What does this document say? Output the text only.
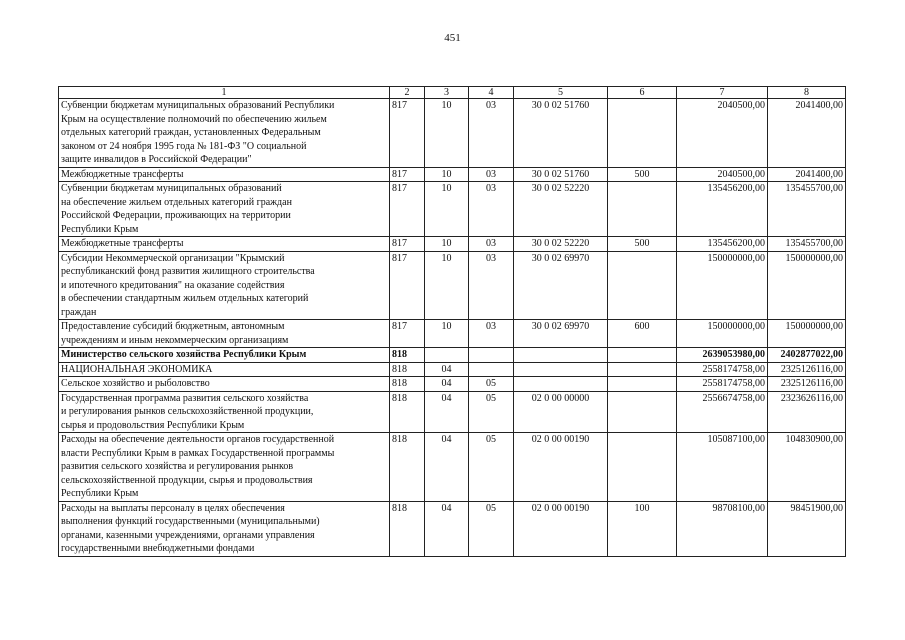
451
1	2	3	4	5	6	7	8
Субвенции бюджетам муниципальных образований Республики
Крым на осуществление полномочий по обеспечению жильем
отдельных категорий граждан, установленных Федеральным
законом от 24 ноября 1995 года № 181-ФЗ "О социальной
защите инвалидов в Российской Федерации"	817	10	03	30 0 02 51760		2040500,00	2041400,00
Межбюджетные трансферты	817	10	03	30 0 02 51760	500	2040500,00	2041400,00
Субвенции бюджетам муниципальных образований
на обеспечение жильем отдельных категорий граждан
Российской Федерации, проживающих на территории
Республики Крым	817	10	03	30 0 02 52220		135456200,00	135455700,00
Межбюджетные трансферты	817	10	03	30 0 02 52220	500	135456200,00	135455700,00
Субсидии Некоммерческой организации "Крымский
республиканский фонд развития жилищного строительства
и ипотечного кредитования" на оказание содействия
в обеспечении стандартным жильем отдельных категорий
граждан	817	10	03	30 0 02 69970		150000000,00	150000000,00
Предоставление субсидий бюджетным, автономным
учреждениям и иным некоммерческим организациям	817	10	03	30 0 02 69970	600	150000000,00	150000000,00
Министерство сельского хозяйства Республики Крым	818					2639053980,00	2402877022,00
НАЦИОНАЛЬНАЯ ЭКОНОМИКА	818	04				2558174758,00	2325126116,00
Сельское хозяйство и рыболовство	818	04	05			2558174758,00	2325126116,00
Государственная программа развития сельского хозяйства
и регулирования рынков сельскохозяйственной продукции,
сырья и продовольствия Республики Крым	818	04	05	02 0 00 00000		2556674758,00	2323626116,00
Расходы на обеспечение деятельности органов государственной
власти Республики Крым в рамках Государственной программы
развития сельского хозяйства и регулирования рынков
сельскохозяйственной продукции, сырья и продовольствия
Республики Крым	818	04	05	02 0 00 00190		105087100,00	104830900,00
Расходы на выплаты персоналу в целях обеспечения
выполнения функций государственными (муниципальными)
органами, казенными учреждениями, органами управления
государственными внебюджетными фондами	818	04	05	02 0 00 00190	100	98708100,00	98451900,00
